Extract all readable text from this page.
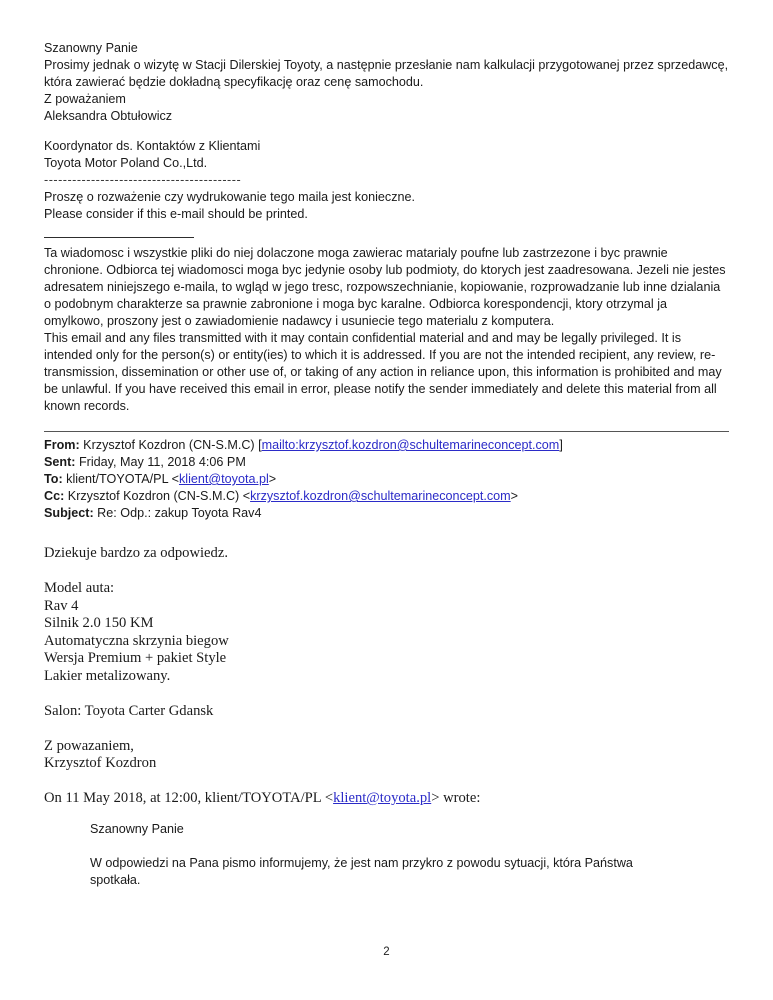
Szanowny Panie

Prosimy jednak o wizytę w Stacji Dilerskiej Toyoty, a następnie przesłanie nam kalkulacji przygotowanej przez sprzedawcę, która zawierać będzie dokładną specyfikację oraz cenę samochodu.

Z poważaniem

Aleksandra Obtułowicz

Koordynator ds. Kontaktów z Klientami

Toyota Motor Poland Co.,Ltd.

------------------------------------------

Proszę o rozważenie czy wydrukowanie tego maila jest konieczne.

Please consider if this e-mail should be printed.

Ta wiadomosc i wszystkie pliki do niej dolaczone moga zawierac matarialy poufne lub zastrzezone i byc prawnie chronione. Odbiorca tej wiadomosci moga byc jedynie osoby lub podmioty, do ktorych jest zaadresowana. Jezeli nie jestes adresatem niniejszego e-maila, to wgląd w jego tresc, rozpowszechnianie, kopiowanie, rozprowadzanie lub inne dzialania o podobnym charakterze sa prawnie zabronione i moga byc karalne. Odbiorca korespondencji, ktory otrzymal ja omylkowo, proszony jest o zawiadomienie nadawcy i usuniecie tego materialu z komputera.

This email and any files transmitted with it may contain confidential material and and may be legally privileged. It is intended only for the person(s) or entity(ies) to which it is addressed. If you are not the intended recipient, any review, re-transmission, dissemination or other use of, or taking of any action in reliance upon, this information is prohibited and may be unlawful. If you have received this email in error, please notify the sender immediately and delete this material from all known records.

From: Krzysztof Kozdron (CN-S.M.C) [mailto:krzysztof.kozdron@schultemarineconcept.com]

Sent: Friday, May 11, 2018 4:06 PM

To: klient/TOYOTA/PL <klient@toyota.pl>

Cc: Krzysztof Kozdron (CN-S.M.C) <krzysztof.kozdron@schultemarineconcept.com>

Subject: Re: Odp.: zakup Toyota Rav4

Dziekuje bardzo za odpowiedz.

Model auta:

Rav 4

Silnik 2.0 150 KM

Automatyczna skrzynia biegow

Wersja Premium + pakiet Style

Lakier metalizowany.

Salon: Toyota Carter Gdansk

Z powazaniem,

Krzysztof Kozdron

On 11 May 2018, at 12:00, klient/TOYOTA/PL <klient@toyota.pl> wrote:

Szanowny Panie

W odpowiedzi na Pana pismo informujemy, że jest nam przykro z powodu sytuacji, która Państwa spotkała.

2
